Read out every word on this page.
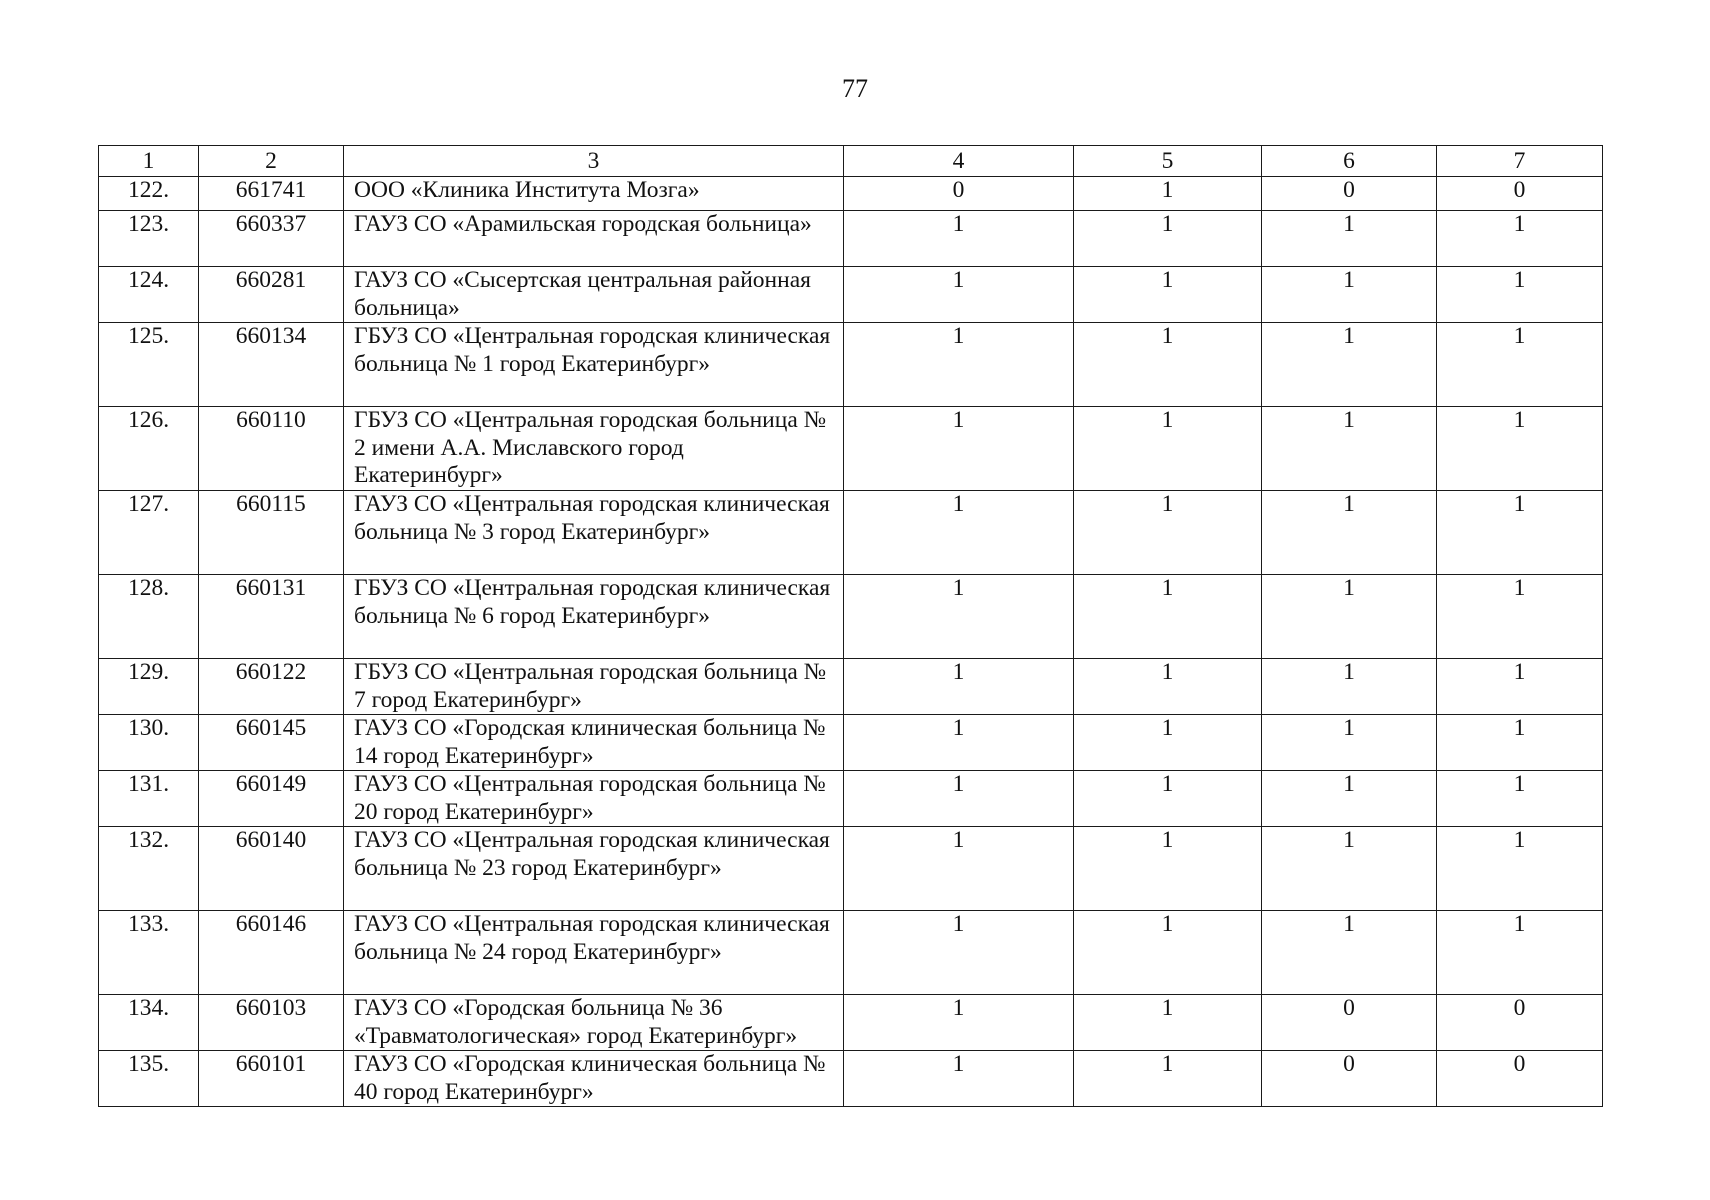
77
1	2	3	4	5	6	7
122.	661741	ООО «Клиника Института Мозга»	0	1	0	0
123.	660337	ГАУЗ СО «Арамильская городская больница»	1	1	1	1
124.	660281	ГАУЗ СО «Сысертская центральная районная больница»	1	1	1	1
125.	660134	ГБУЗ СО «Центральная городская клиническая больница № 1 город Екатеринбург»	1	1	1	1
126.	660110	ГБУЗ СО «Центральная городская больница № 2 имени А.А. Миславского город Екатеринбург»	1	1	1	1
127.	660115	ГАУЗ СО «Центральная городская клиническая больница № 3 город Екатеринбург»	1	1	1	1
128.	660131	ГБУЗ СО «Центральная городская клиническая больница № 6 город Екатеринбург»	1	1	1	1
129.	660122	ГБУЗ СО «Центральная городская больница № 7 город Екатеринбург»	1	1	1	1
130.	660145	ГАУЗ СО «Городская клиническая больница № 14 город Екатеринбург»	1	1	1	1
131.	660149	ГАУЗ СО «Центральная городская больница № 20 город Екатеринбург»	1	1	1	1
132.	660140	ГАУЗ СО «Центральная городская клиническая больница № 23 город Екатеринбург»	1	1	1	1
133.	660146	ГАУЗ СО «Центральная городская клиническая больница № 24 город Екатеринбург»	1	1	1	1
134.	660103	ГАУЗ СО «Городская больница № 36 «Травматологическая» город Екатеринбург»	1	1	0	0
135.	660101	ГАУЗ СО «Городская клиническая больница № 40 город Екатеринбург»	1	1	0	0
